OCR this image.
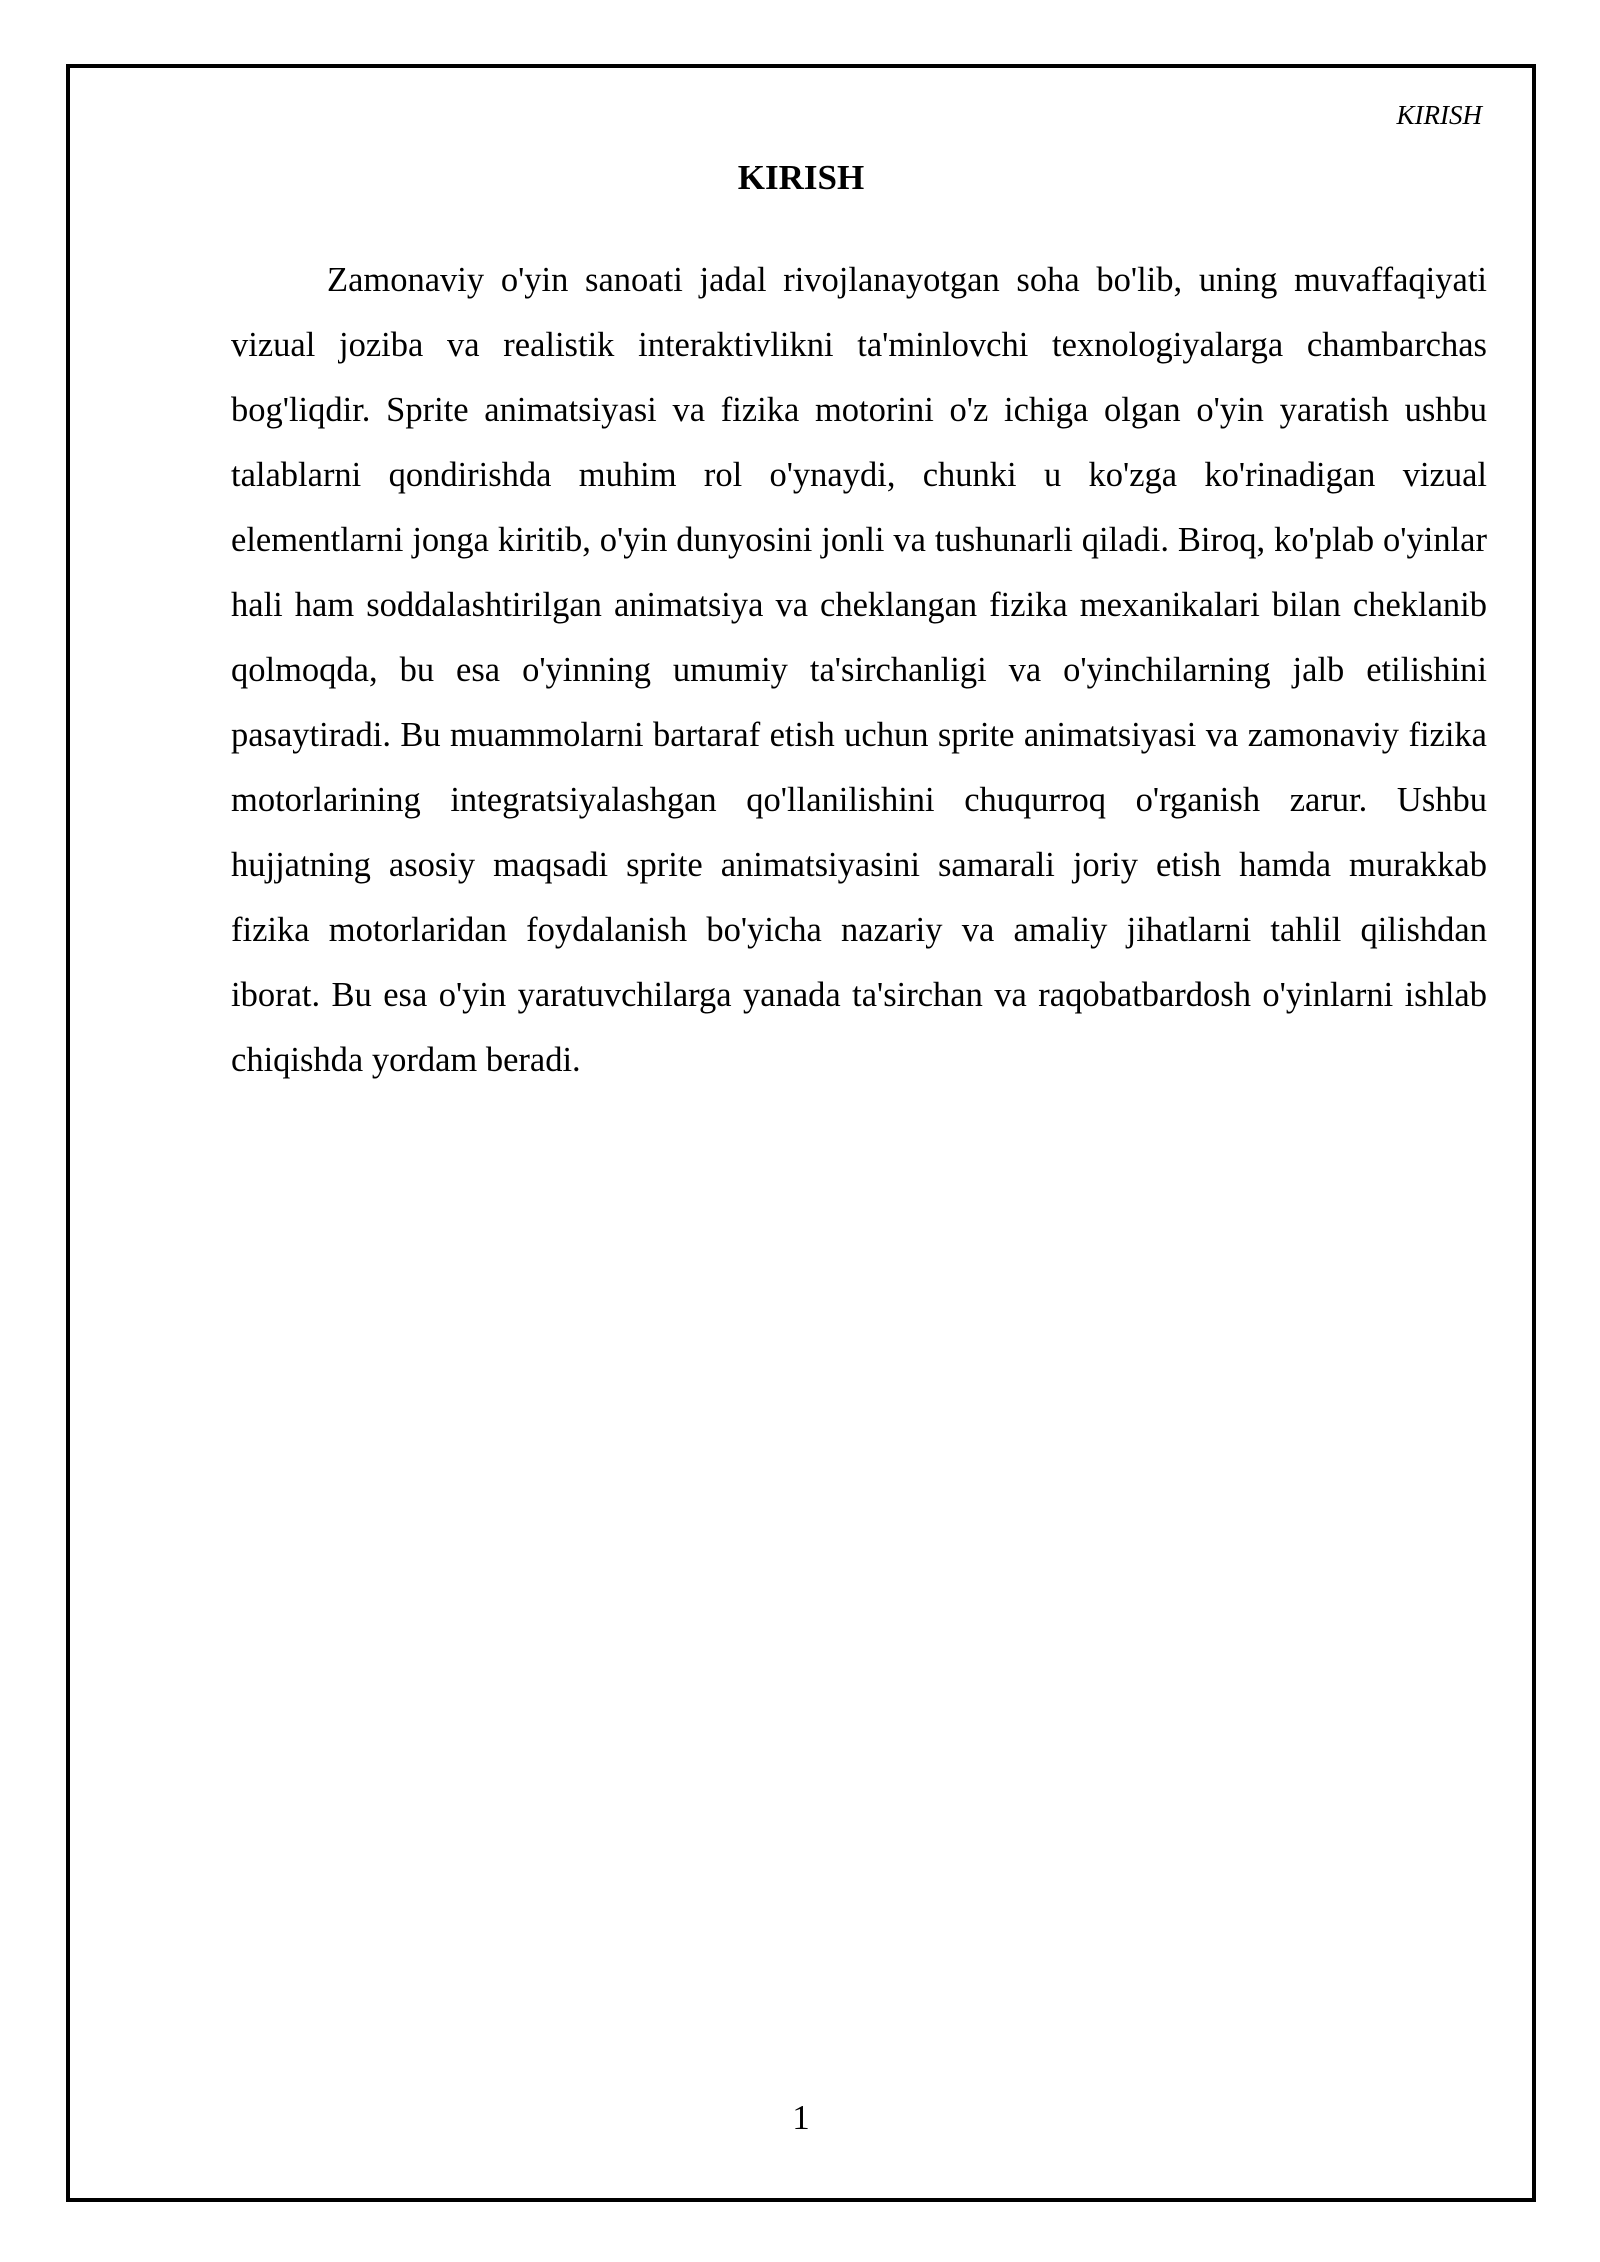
KIRISH
KIRISH

Zamonaviy o'yin sanoati jadal rivojlanayotgan soha bo'lib, uning muvaffaqiyati vizual joziba va realistik interaktivlikni ta'minlovchi texnologiyalarga chambarchas bog'liqdir. Sprite animatsiyasi va fizika motorini o'z ichiga olgan o'yin yaratish ushbu talablarni qondirishda muhim rol o'ynaydi, chunki u ko'zga ko'rinadigan vizual elementlarni jonga kiritib, o'yin dunyosini jonli va tushunarli qiladi. Biroq, ko'plab o'yinlar hali ham soddalashtirilgan animatsiya va cheklangan fizika mexanikalari bilan cheklanib qolmoqda, bu esa o'yinning umumiy ta'sirchanligi va o'yinchilarning jalb etilishini pasaytiradi. Bu muammolarni bartaraf etish uchun sprite animatsiyasi va zamonaviy fizika motorlarining integratsiyalashgan qo'llanilishini chuqurroq o'rganish zarur. Ushbu hujjatning asosiy maqsadi sprite animatsiyasini samarali joriy etish hamda murakkab fizika motorlaridan foydalanish bo'yicha nazariy va amaliy jihatlarni tahlil qilishdan iborat. Bu esa o'yin yaratuvchilarga yanada ta'sirchan va raqobatbardosh o'yinlarni ishlab chiqishda yordam beradi.

1
